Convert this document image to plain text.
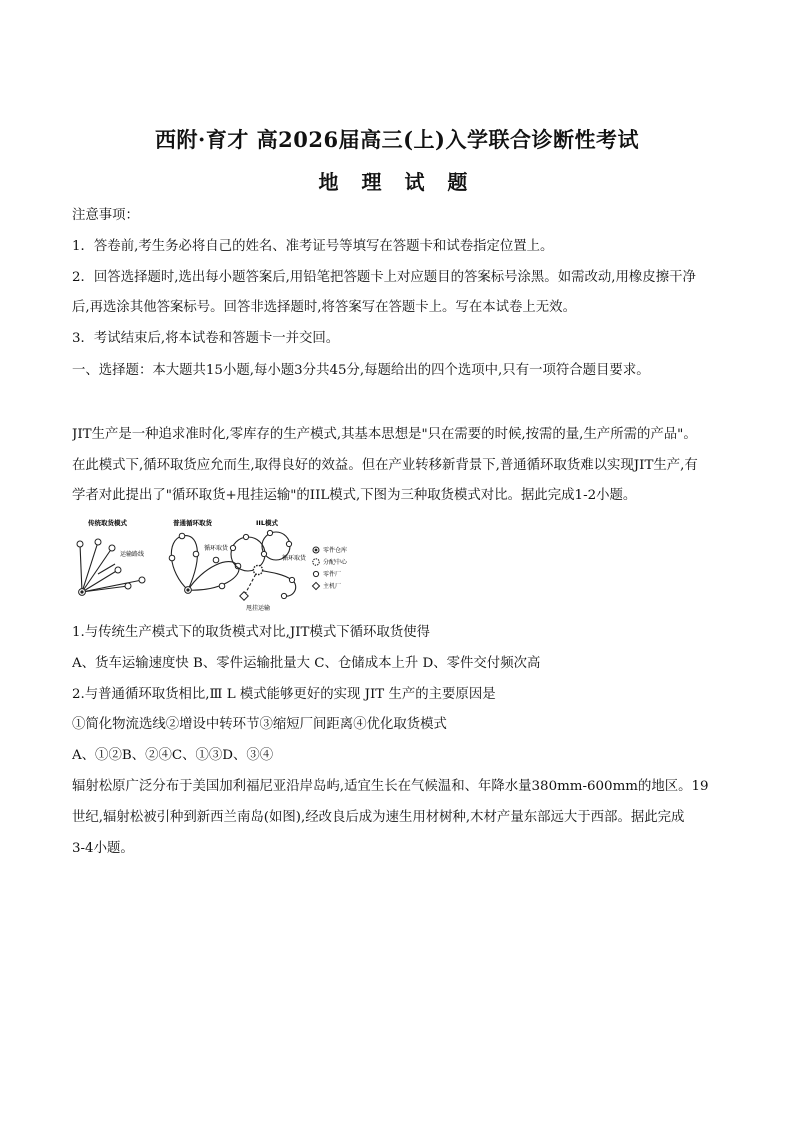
西附·育才 高2026届高三(上)入学联合诊断性考试
地 理 试 题
注意事项：
1．答卷前,考生务必将自己的姓名、准考证号等填写在答题卡和试卷指定位置上。
2．回答选择题时,选出每小题答案后,用铅笔把答题卡上对应题目的答案标号涂黑。如需改动,用橡皮擦干净
后,再选涂其他答案标号。回答非选择题时,将答案写在答题卡上。写在本试卷上无效。
3．考试结束后,将本试卷和答题卡一并交回。
一、选择题：本大题共15小题,每小题3分共45分,每题给出的四个选项中,只有一项符合题目要求。
JIT生产是一种追求准时化,零库存的生产模式,其基本思想是"只在需要的时候,按需的量,生产所需的产品"。
在此模式下,循环取货应允而生,取得良好的效益。但在产业转移新背景下,普通循环取货难以实现JIT生产,有
学者对此提出了"循环取货+甩挂运输"的IIL模式,下图为三种取货模式对比。据此完成1-2小题。
传统取货模式
运输路线
普通循环取货
循环取货
IIL模式
循环取货
甩挂运输
零件仓库
分配中心
零件厂
主机厂
1.与传统生产模式下的取货模式对比,JIT模式下循环取货使得
A、货车运输速度快 B、零件运输批量大 C、仓储成本上升 D、零件交付频次高
2.与普通循环取货相比,Ⅲ L 模式能够更好的实现 JIT 生产的主要原因是
①简化物流选线②增设中转环节③缩短厂间距离④优化取货模式
A、①②B、②④C、①③D、③④
辐射松原广泛分布于美国加利福尼亚沿岸岛屿,适宜生长在气候温和、年降水量380mm-600mm的地区。19
世纪,辐射松被引种到新西兰南岛(如图),经改良后成为速生用材树种,木材产量东部远大于西部。据此完成
3-4小题。
